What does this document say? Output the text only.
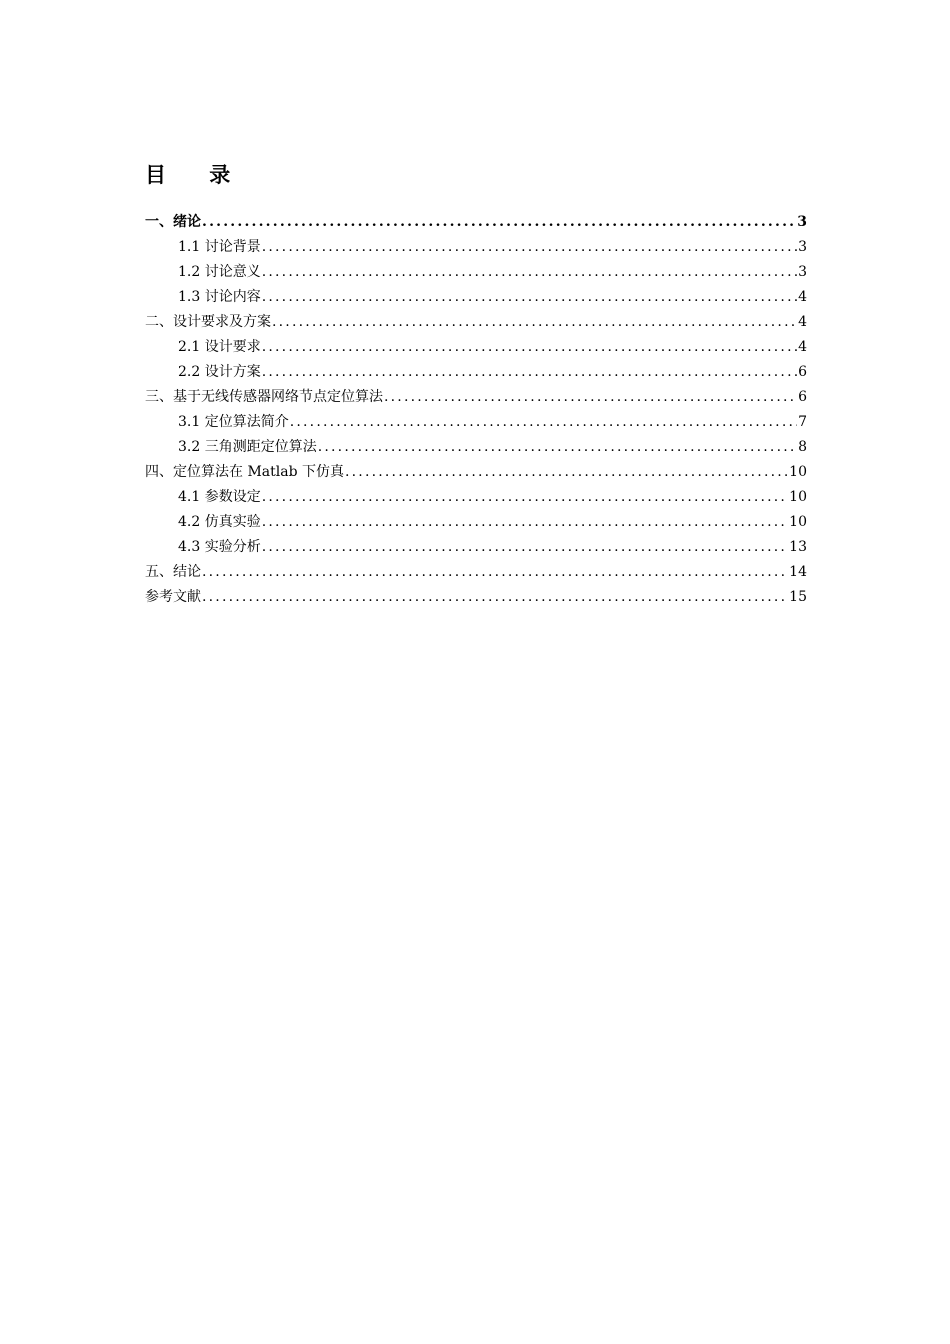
目 录
一、绪论 .....	3
1.1 讨论背景 .....	3
1.2 讨论意义 .....	3
1.3 讨论内容 .....	4
二、设计要求及方案 .....	4
2.1 设计要求 .....	4
2.2 设计方案 .....	6
三、基于无线传感器网络节点定位算法 .....	6
3.1 定位算法简介 .....	7
3.2 三角测距定位算法 .....	8
四、定位算法在 Matlab 下仿真 .....	10
4.1 参数设定 .....	10
4.2 仿真实验 .....	10
4.3 实验分析 .....	13
五、结论 .....	14
参考文献 .....	15
